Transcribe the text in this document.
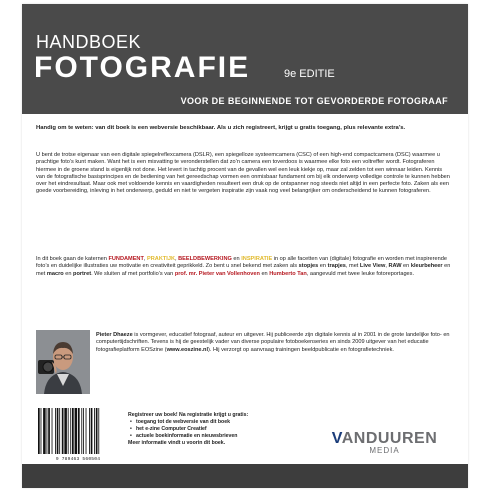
HANDBOEK
FOTOGRAFIE	9e EDITIE
VOOR DE BEGINNENDE TOT GEVORDERDE FOTOGRAAF
Handig om te weten: van dit boek is een webversie beschikbaar. Als u zich registreert, krijgt u gratis toegang, plus relevante extra’s.
U bent de trotse eigenaar van een digitale spiegelreflexcamera (DSLR), een spiegelloze systeemcamera (CSC) of een high-end compactcamera (DSC) waarmee u prachtige foto’s kunt maken. Want het is een misvatting te veronderstellen dat zo’n camera een toverdoos is waarmee elke foto een voltreffer wordt. Fotograferen hiermee in de groene stand is eigenlijk not done. Het levert in tachtig procent van de gevallen wel een leuk kiekje op, maar zal zelden tot een winnaar leiden. Kennis van de fotografische basisprincipes en de bediening van het gereedschap vormen een onmisbaar fundament om bij elk onderwerp volledige controle te kunnen hebben over het eindresultaat. Maar ook met voldoende kennis en vaardigheden resulteert een druk op de ontspanner nog steeds niet altijd in een perfecte foto. Zaken als een goede voorbereiding, inleving in het onderwerp, geduld en niet te vergeten inspiratie zijn vaak nog veel belangrijker om onderscheidend te kunnen fotograferen.
In dit boek gaan de katernen FUNDAMENT, PRAKTIJK, BEELDBEWERKING en INSPIRATIE in op alle facetten van (digitale) fotografie en worden met inspirerende foto’s en duidelijke illustraties uw motivatie en creativiteit geprikkeld. Zo bent u snel bekend met zaken als stopjes en trapjes, met Live View, RAW en kleurbeheer en met macro en portret. We sluiten af met portfolio’s van prof. mr. Pieter van Vollenhoven en Humberto Tan, aangevuld met twee leuke fotoreportages.
Pieter Dhaeze is vormgever, educatief fotograaf, auteur en uitgever. Hij publiceerde zijn digitale kennis al in 2001 in de grote landelijke foto- en computertijdschriften. Tevens is hij de geestelijk vader van diverse populaire fotoboekenseries en sinds 2009 uitgever van het educatie fotografieplatform EOSzine (www.eoszine.nl). Hij verzorgt op aanvraag trainingen beeldpublicatie en fotografietechniek.
9 789463 560504
Registreer uw boek! Na registratie krijgt u gratis:
• toegang tot de webversie van dit boek
• het e-zine Computer Creatief
• actuele boekinformatie en nieuwsbrieven
Meer informatie vindt u voorin dit boek.	VANDUUREN
MEDIA
